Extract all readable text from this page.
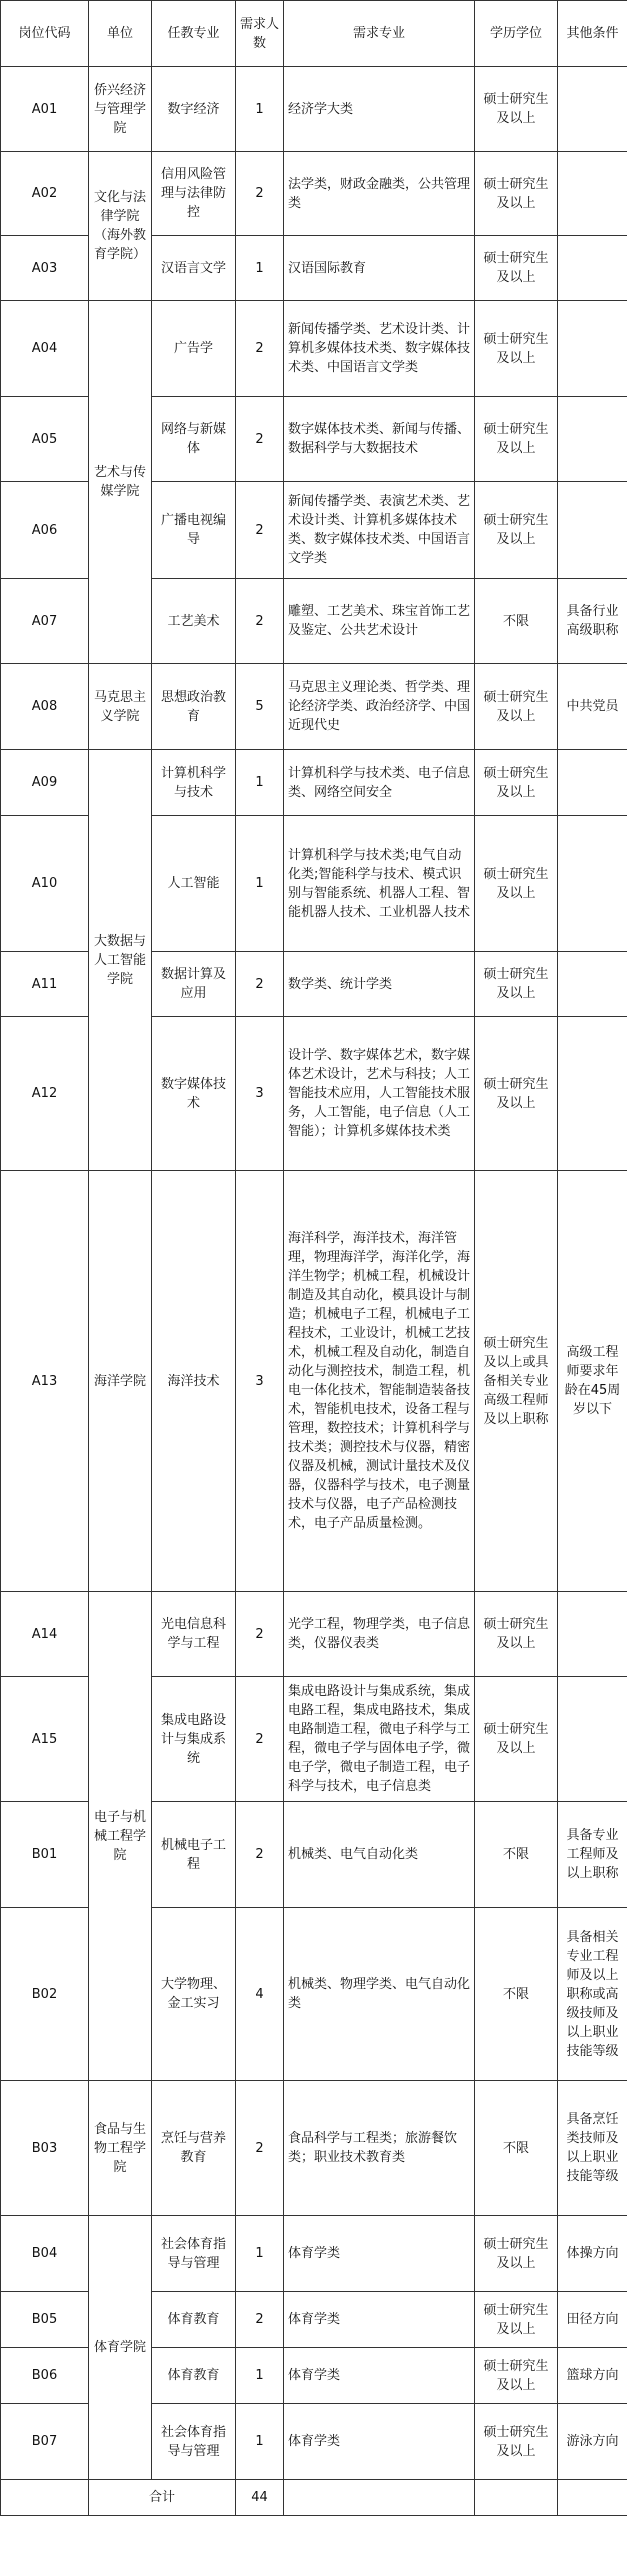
岗位代码	单位	任教专业	需求人数	需求专业	学历学位	其他条件
A01	侨兴经济与管理学院	数字经济	1	经济学大类	硕士研究生及以上	
A02	文化与法律学院（海外教育学院）	信用风险管理与法律防控	2	法学类，财政金融类，公共管理类	硕士研究生及以上	
A03		汉语言文学	1	汉语国际教育	硕士研究生及以上	
A04	艺术与传媒学院	广告学	2	新闻传播学类、艺术设计类、计算机多媒体技术类、数字媒体技术类、中国语言文学类	硕士研究生及以上	
A05		网络与新媒体	2	数字媒体技术类、新闻与传播、数据科学与大数据技术	硕士研究生及以上	
A06		广播电视编导	2	新闻传播学类、表演艺术类、艺术设计类、计算机多媒体技术类、数字媒体技术类、中国语言文学类	硕士研究生及以上	
A07		工艺美术	2	雕塑、工艺美术、珠宝首饰工艺及鉴定、公共艺术设计	不限	具备行业高级职称
A08	马克思主义学院	思想政治教育	5	马克思主义理论类、哲学类、理论经济学类、政治经济学、中国近现代史	硕士研究生及以上	中共党员
A09	大数据与人工智能学院	计算机科学与技术	1	计算机科学与技术类、电子信息类、网络空间安全	硕士研究生及以上	
A10		人工智能	1	计算机科学与技术类;电气自动化类;智能科学与技术、模式识别与智能系统、机器人工程、智能机器人技术、工业机器人技术	硕士研究生及以上	
A11		数据计算及应用	2	数学类、统计学类	硕士研究生及以上	
A12		数字媒体技术	3	设计学、数字媒体艺术，数字媒体艺术设计，艺术与科技；人工智能技术应用，人工智能技术服务，人工智能，电子信息（人工智能）；计算机多媒体技术类	硕士研究生及以上	
A13	海洋学院	海洋技术	3	海洋科学，海洋技术，海洋管理，物理海洋学，海洋化学，海洋生物学；机械工程，机械设计制造及其自动化，模具设计与制造；机械电子工程，机械电子工程技术，工业设计，机械工艺技术，机械工程及自动化，制造自动化与测控技术，制造工程，机电一体化技术，智能制造装备技术，智能机电技术，设备工程与管理，数控技术；计算机科学与技术类；测控技术与仪器，精密仪器及机械，测试计量技术及仪器，仪器科学与技术，电子测量技术与仪器，电子产品检测技术，电子产品质量检测。	硕士研究生及以上或具备相关专业高级工程师及以上职称	高级工程师要求年龄在45周岁以下
A14	电子与机械工程学院	光电信息科学与工程	2	光学工程，物理学类，电子信息类，仪器仪表类	硕士研究生及以上	
A15		集成电路设计与集成系统	2	集成电路设计与集成系统，集成电路工程，集成电路技术，集成电路制造工程，微电子科学与工程，微电子学与固体电子学，微电子学，微电子制造工程，电子科学与技术，电子信息类	硕士研究生及以上	
B01		机械电子工程	2	机械类、电气自动化类	不限	具备专业工程师及以上职称
B02		大学物理、金工实习	4	机械类、物理学类、电气自动化类	不限	具备相关专业工程师及以上职称或高级技师及以上职业技能等级
B03	食品与生物工程学院	烹饪与营养教育	2	食品科学与工程类；旅游餐饮类；职业技术教育类	不限	具备烹饪类技师及以上职业技能等级
B04	体育学院	社会体育指导与管理	1	体育学类	硕士研究生及以上	体操方向
B05		体育教育	2	体育学类	硕士研究生及以上	田径方向
B06		体育教育	1	体育学类	硕士研究生及以上	篮球方向
B07		社会体育指导与管理	1	体育学类	硕士研究生及以上	游泳方向
	合计		44			
